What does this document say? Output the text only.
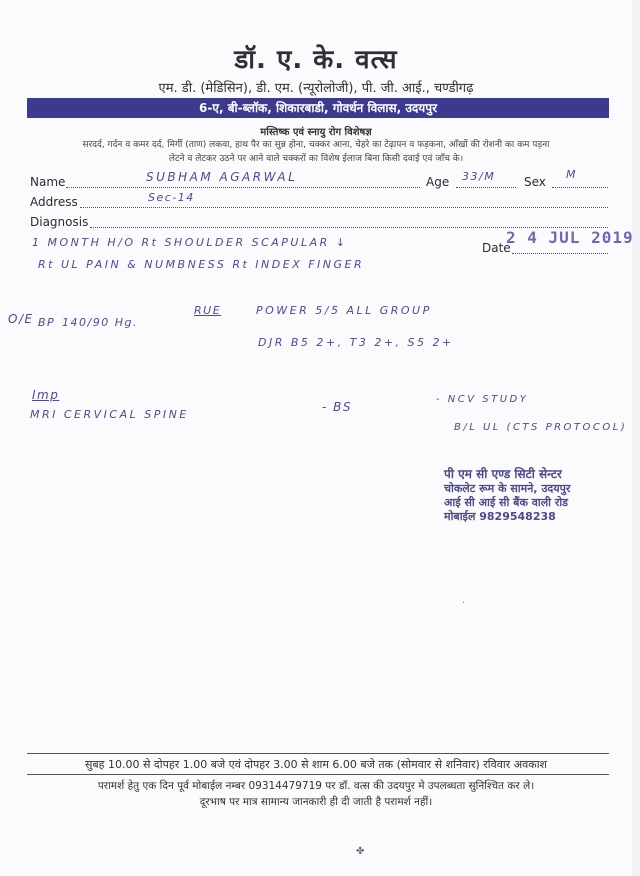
डॉ. ए. के. वत्स
एम. डी. (मेडिसिन), डी. एम. (न्यूरोलोजी), पी. जी. आई., चण्डीगढ़
6-ए, बी-ब्लॉक, शिकारबाडी, गोवर्धन विलास, उदयपुर
मस्तिष्क एवं स्नायु रोग विशेषज्ञ
सरदर्द, गर्दन व कमर दर्द, मिर्गी (ताण) लकवा, हाथ पैर का सुन्न होना, चक्कर आना, चेहरे का टेढ़ापन व फड़कना, आँखों की रोशनी का कम पड़ना
लेटने व लेटकर उठने पर आने वाले चक्करों का विशेष ईलाज बिना किसी दवाई एवं जाँच के।
Name	SUBHAM AGARWAL	Age 33/M Sex
M
Address	Sec-14
Diagnosis
Date
2 4 JUL 2019
1 MONTH H/O Rt SHOULDER SCAPULAR ↓
Rt UL PAIN & NUMBNESS Rt INDEX FINGER
O/E BP 140/90 Hg.
RUE	POWER 5/5 ALL GROUP
DJR B5 2+, T3 2+, S5 2+
Imp
MRI CERVICAL SPINE
- BS
- NCV STUDY
B/L UL (CTS PROTOCOL)
पी एम सी एण्ड सिटी सेन्टर
चोकलेट रूम के सामने, उदयपुर
आई सी आई सी बैंक वाली रोड
मोबाईल 9829548238
·
सुबह 10.00 से दोपहर 1.00 बजे एवं दोपहर 3.00 से शाम 6.00 बजे तक (सोमवार से शनिवार) रविवार अवकाश
परामर्श हेतु एक दिन पूर्व मोबाईल नम्बर 09314479719 पर डॉ. वत्स की उदयपुर मे उपलब्धता सुनिश्चित कर ले।
दूरभाष पर मात्र सामान्य जानकारी ही दी जाती है परामर्श नहीं।
✤
